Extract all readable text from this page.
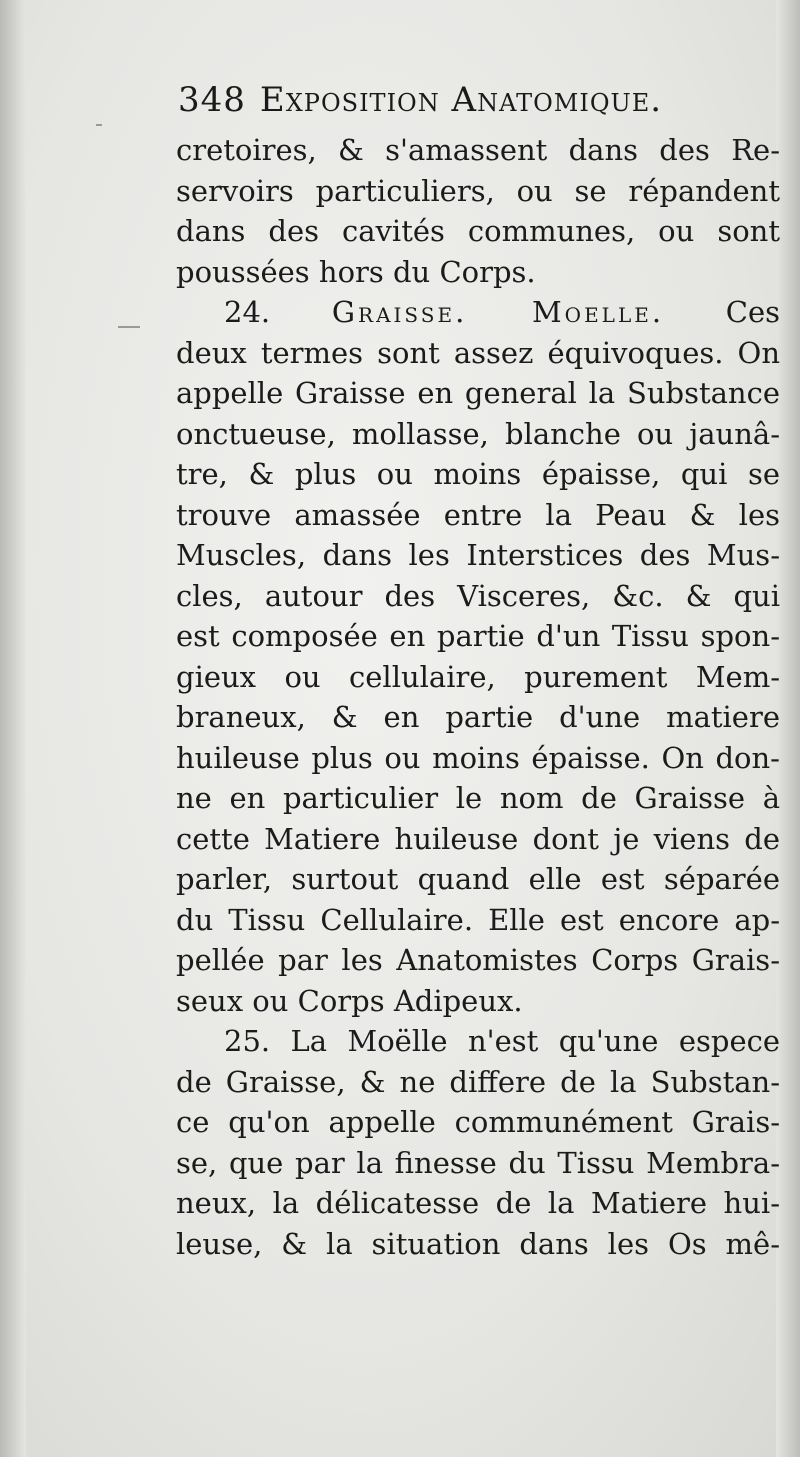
348 Exposition Anatomique.
cretoires, & s'amassent dans des Re-
servoirs particuliers, ou se répandent
dans des cavités communes, ou sont
poussées hors du Corps.
24. Graisse. Moelle. Ces
deux termes sont assez équivoques. On
appelle Graisse en general la Substance
onctueuse, mollasse, blanche ou jaunâ-
tre, & plus ou moins épaisse, qui se
trouve amassée entre la Peau & les
Muscles, dans les Interstices des Mus-
cles, autour des Visceres, &c. & qui
est composée en partie d'un Tissu spon-
gieux ou cellulaire, purement Mem-
braneux, & en partie d'une matiere
huileuse plus ou moins épaisse. On don-
ne en particulier le nom de Graisse à
cette Matiere huileuse dont je viens de
parler, surtout quand elle est séparée
du Tissu Cellulaire. Elle est encore ap-
pellée par les Anatomistes Corps Grais-
seux ou Corps Adipeux.
25. La Moëlle n'est qu'une espece
de Graisse, & ne differe de la Substan-
ce qu'on appelle communément Grais-
se, que par la finesse du Tissu Membra-
neux, la délicatesse de la Matiere hui-
leuse, & la situation dans les Os mê-
